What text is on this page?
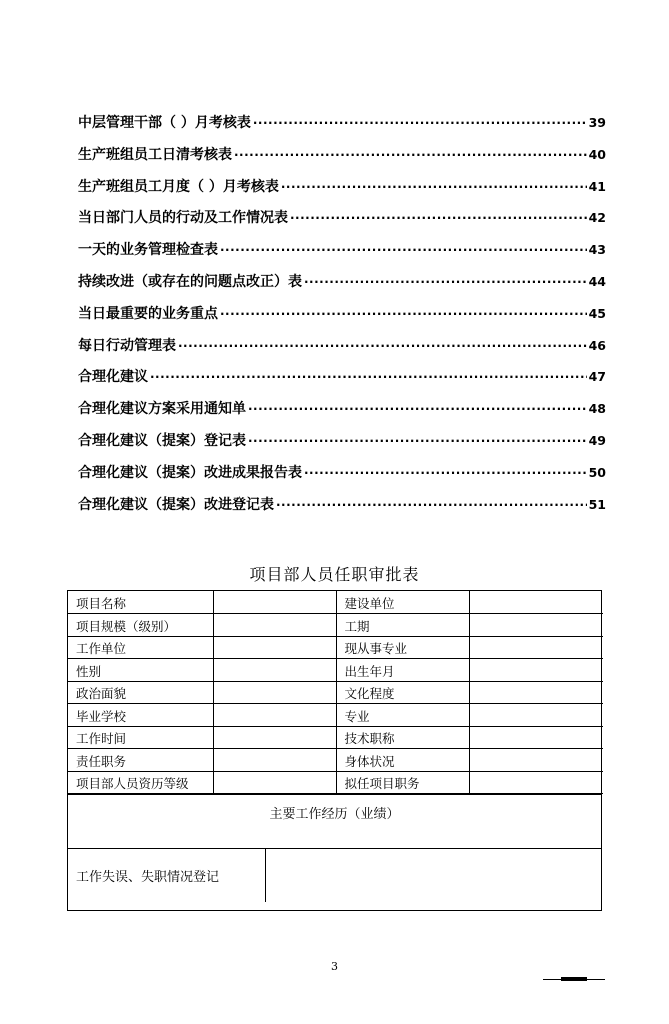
中层管理干部（ ）月考核表 .....	39
生产班组员工日清考核表 .....	40
生产班组员工月度（ ）月考核表 .....	41
当日部门人员的行动及工作情况表 .....	42
一天的业务管理检查表 .....	43
持续改进（或存在的问题点改正）表 .....	44
当日最重要的业务重点 .....	45
每日行动管理表 .....	46
合理化建议 .....	47
合理化建议方案采用通知单 .....	48
合理化建议（提案）登记表 .....	49
合理化建议（提案）改进成果报告表 .....	50
合理化建议（提案）改进登记表 .....	51
项目部人员任职审批表
项目名称		建设单位	
项目规模（级别）		工期	
工作单位		现从事专业	
性别		出生年月	
政治面貌		文化程度	
毕业学校		专业	
工作时间		技术职称	
责任职务		身体状况	
项目部人员资历等级		拟任项目职务	
主要工作经历（业绩）
工作失误、失职情况登记
3
